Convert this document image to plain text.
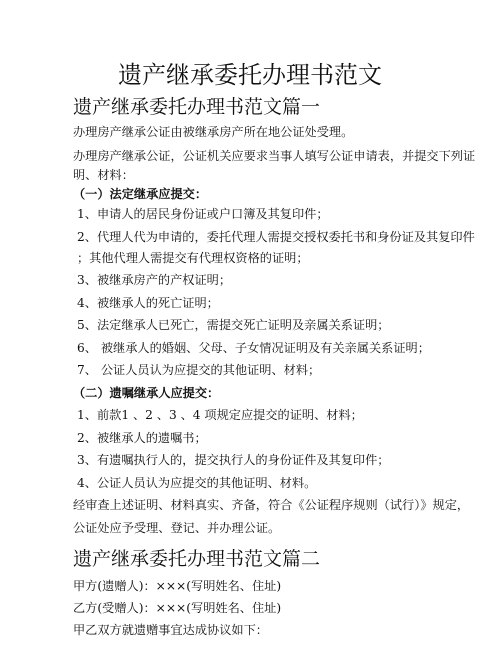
遗产继承委托办理书范文
遗产继承委托办理书范文篇一
办理房产继承公证由被继承房产所在地公证处受理。
办理房产继承公证，公证机关应要求当事人填写公证申请表，并提交下列证
明、材料：
（一）法定继承应提交：
1、申请人的居民身份证或户口簿及其复印件；
2、代理人代为申请的，委托代理人需提交授权委托书和身份证及其复印件
；其他代理人需提交有代理权资格的证明；
3、被继承房产的产权证明；
4、被继承人的死亡证明；
5、法定继承人已死亡，需提交死亡证明及亲属关系证明；
6、 被继承人的婚姻、父母、子女情况证明及有关亲属关系证明；
7、 公证人员认为应提交的其他证明、材料；
（二）遗嘱继承人应提交：
1、前款1 、2 、3 、4 项规定应提交的证明、材料；
2、被继承人的遗嘱书；
3、有遗嘱执行人的，提交执行人的身份证件及其复印件；
4、公证人员认为应提交的其他证明、材料。
经审查上述证明、材料真实、齐备，符合《公证程序规则（试行）》规定，
公证处应予受理、登记、并办理公证。
遗产继承委托办理书范文篇二
甲方(遗赠人)：×××(写明姓名、住址)
乙方(受赠人)：×××(写明姓名、住址)
甲乙双方就遗赠事宜达成协议如下：
